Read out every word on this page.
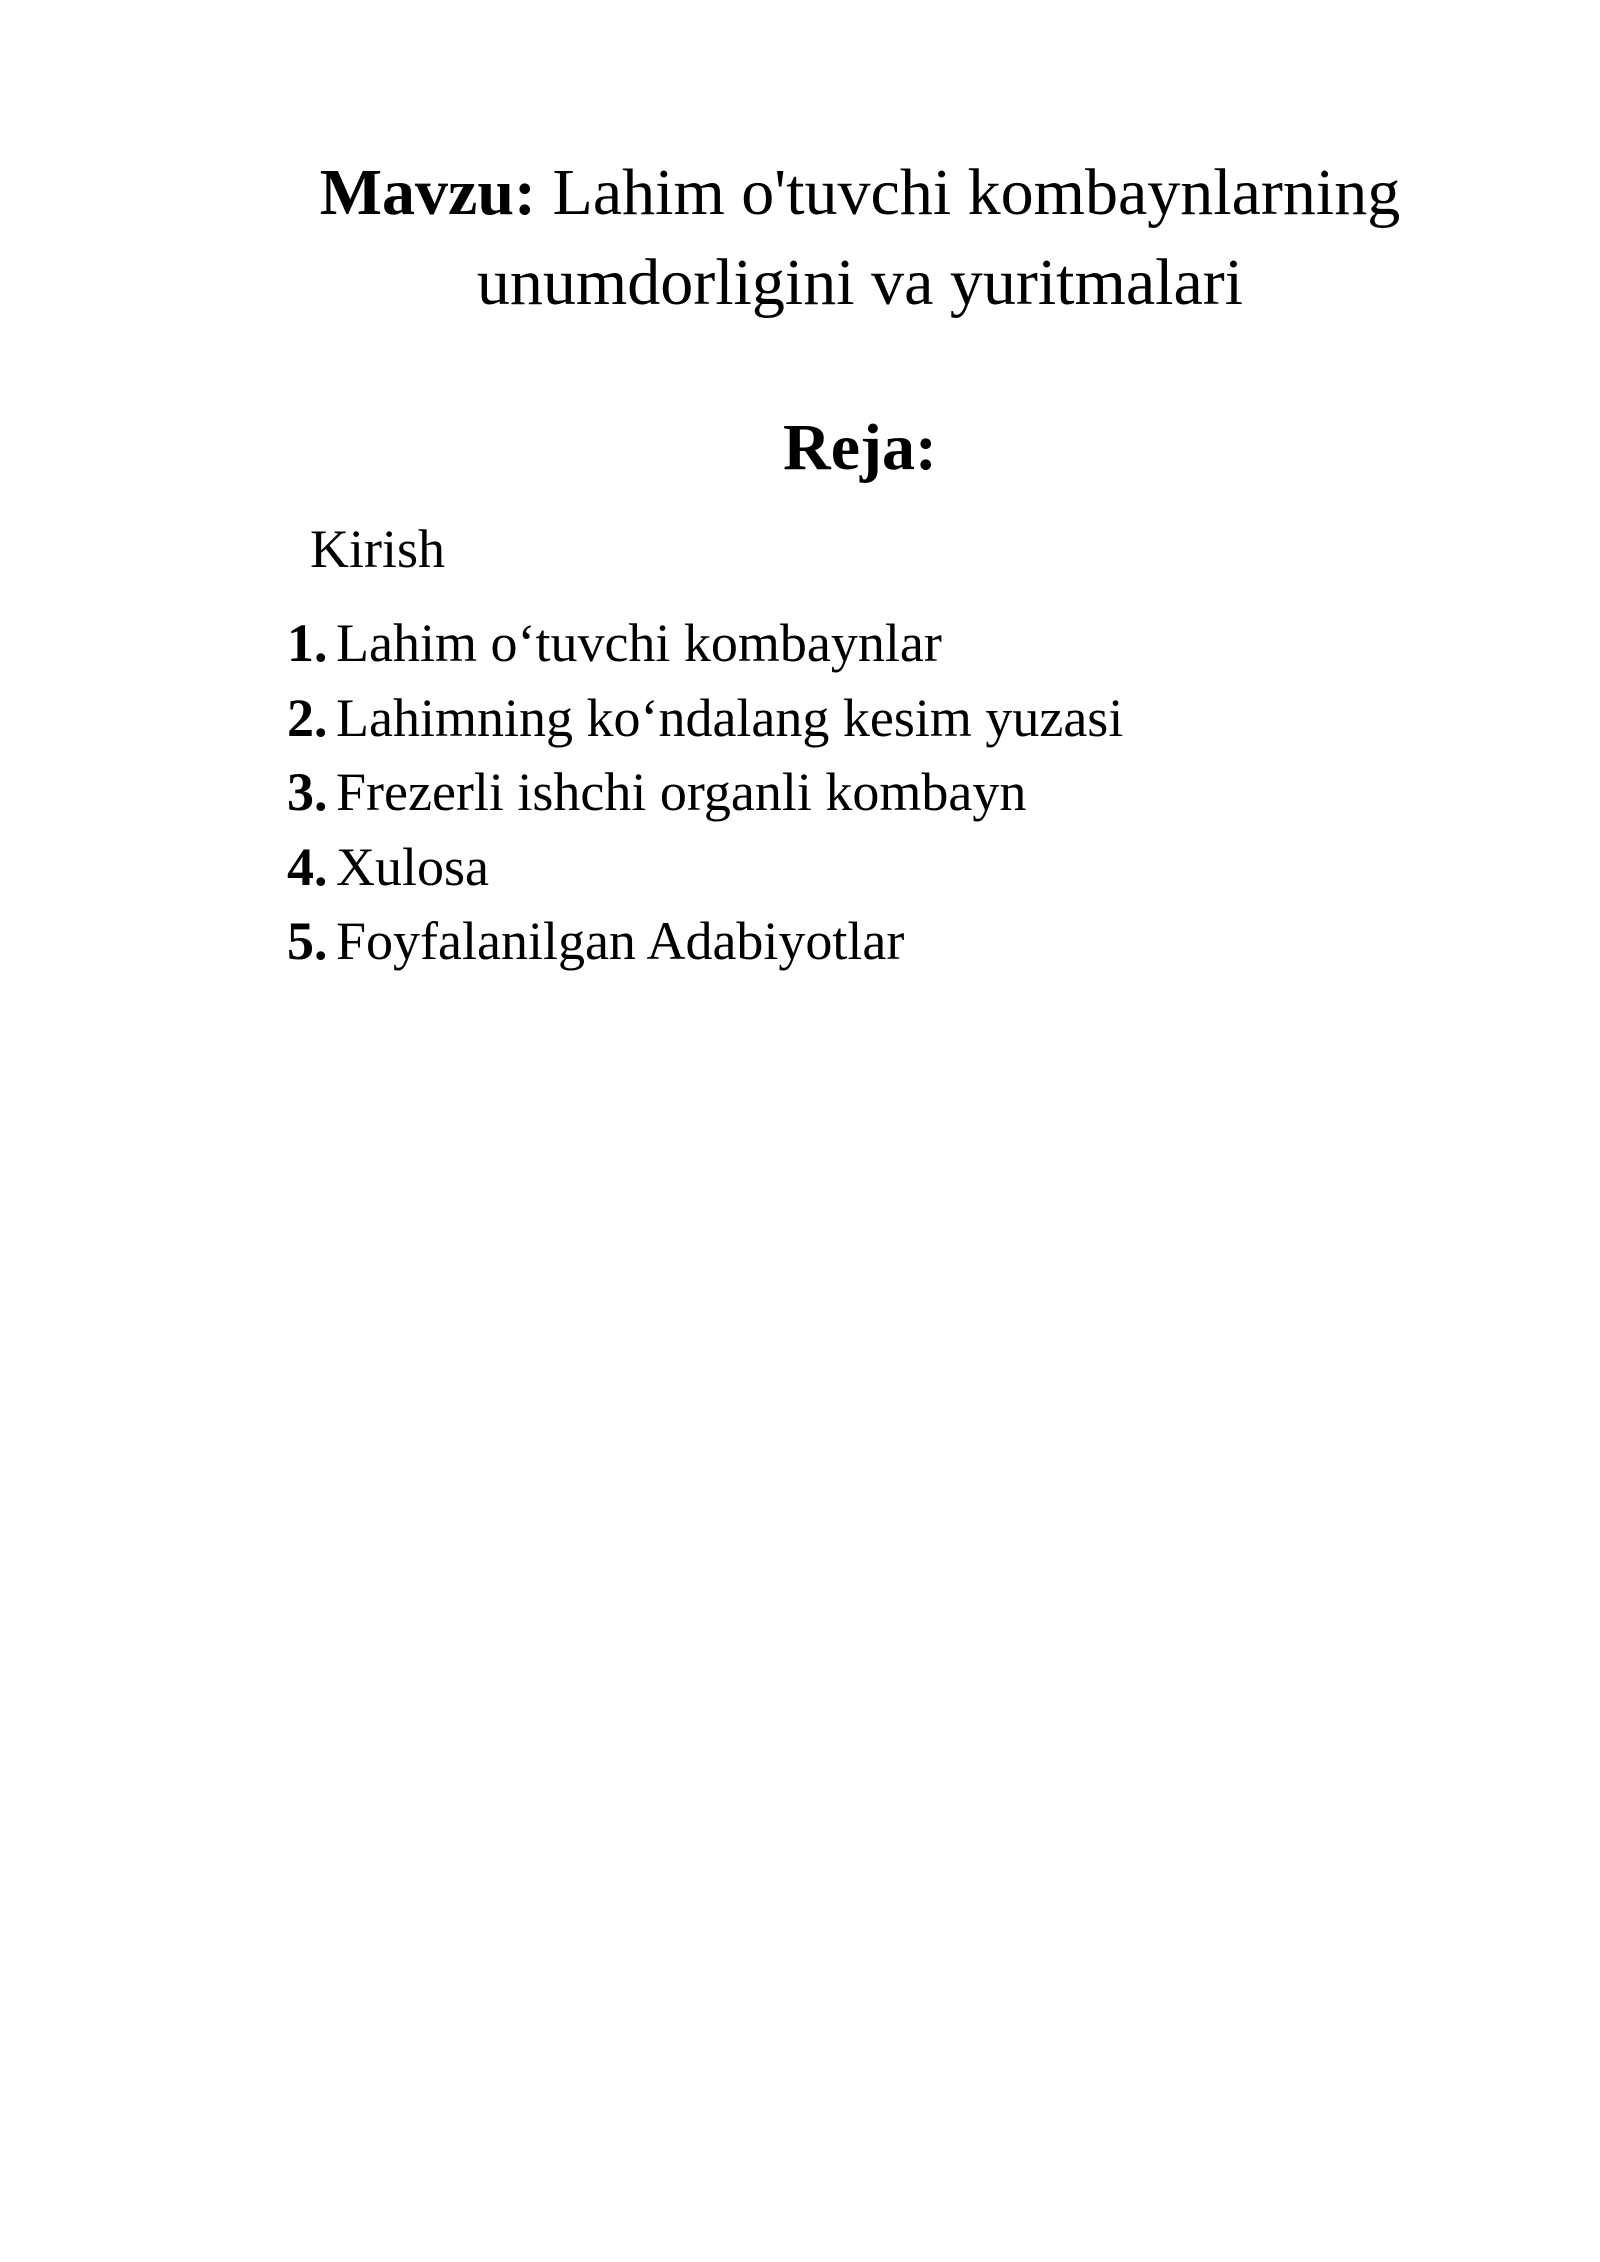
Mavzu: Lahim o'tuvchi kombaynlarning
unumdorligini va yuritmalari
Reja:

Kirish

1. Lahim o‘tuvchi kombaynlar
2. Lahimning ko‘ndalang kesim yuzasi
3. Frezerli ishchi organli kombayn
4. Xulosa
5. Foyfalanilgan Adabiyotlar
